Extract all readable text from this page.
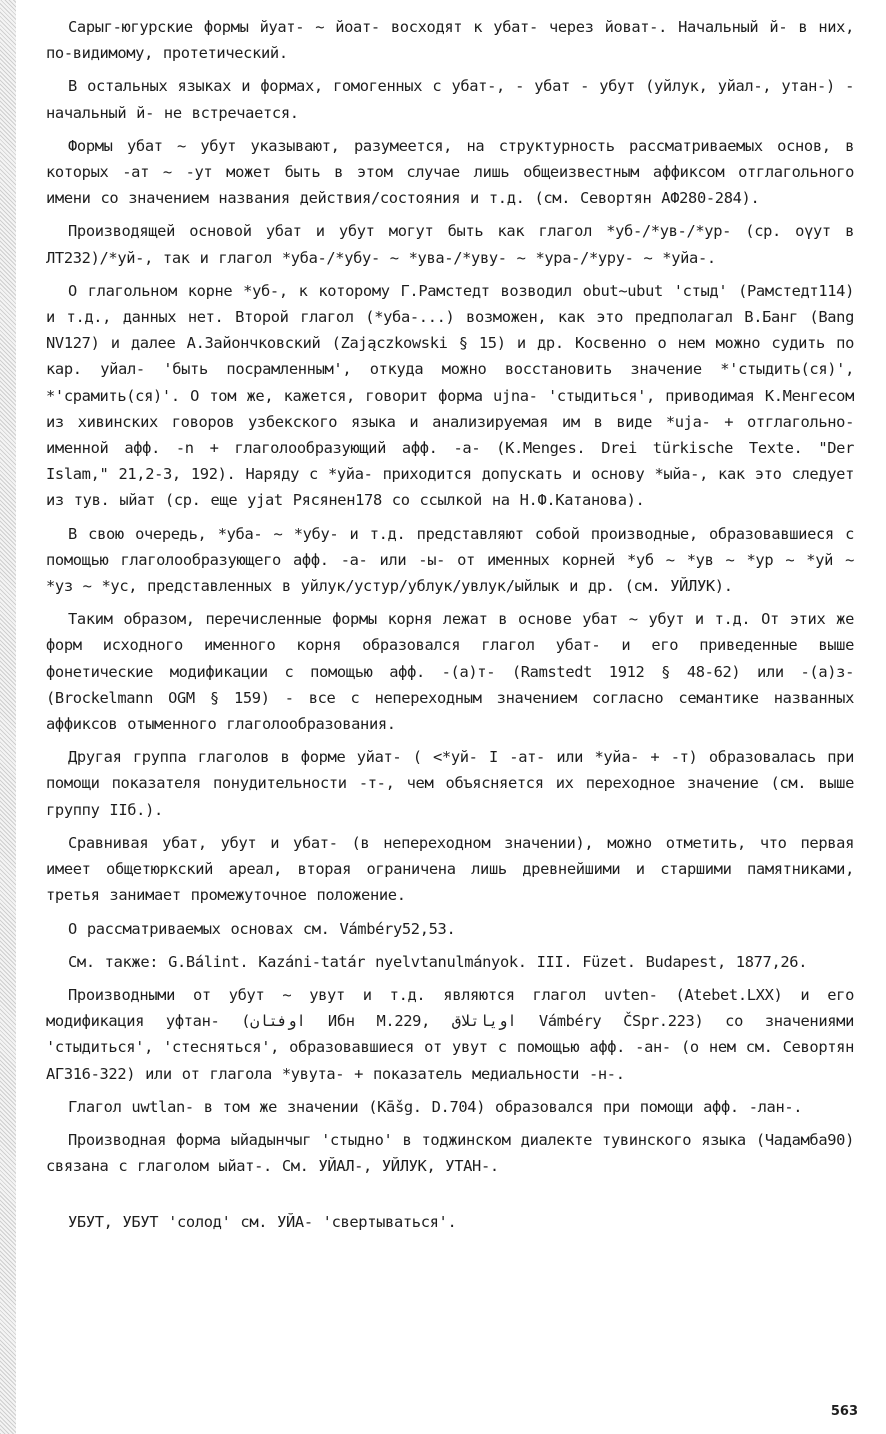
Сарыг-югурские формы йуат- ~ йоат- восходят к убат- через йоват-. Начальный й- в них, по-видимому, протетический.

В остальных языках и формах, гомогенных с убат-, - убат - убут (уйлук, уйал-, утан-) - начальный й- не встречается.

Формы убат ~ убут указывают, разумеется, на структурность рассматриваемых основ, в которых -ат ~ -ут может быть в этом случае лишь общеизвестным аффиксом отглагольного имени со значением названия действия/состояния и т.д. (см. Севортян АФ280-284).

Производящей основой убат и убут могут быть как глагол *уб-/*ув-/*ур- (ср. оүут в ЛТ232)/*уй-, так и глагол *уба-/*убу- ~ *ува-/*уву- ~ *ура-/*уру- ~ *уйа-.

О глагольном корне *уб-, к которому Г.Рамстедт возводил obut~ubut 'стыд' (Рамстедт114) и т.д., данных нет. Второй глагол (*уба-...) возможен, как это предполагал В.Банг (Bang NV127) и далее А.Зайончковский (Zajączkowski § 15) и др. Косвенно о нем можно судить по кар. уйал- 'быть посрамленным', откуда можно восстановить значение *'стыдить(ся)', *'срамить(ся)'. О том же, кажется, говорит форма ujna- 'стыдиться', приводимая К.Менгесом из хивинских говоров узбекского языка и анализируемая им в виде *uja- + отглагольно-именной афф. -n + глаголообразующий афф. -a- (K.Menges. Drei türkische Texte. "Der Islam," 21,2-3, 192). Наряду с *уйа- приходится допускать и основу *ыйа-, как это следует из тув. ыйат (ср. еще уjat Рясянен178 со ссылкой на Н.Ф.Катанова).

В свою очередь, *уба- ~ *убу- и т.д. представляют собой производные, образовавшиеся с помощью глаголообразующего афф. -а- или -ы- от именных корней *уб ~ *ув ~ *ур ~ *уй ~ *уз ~ *ус, представленных в уйлук/устур/ублук/увлук/ыйлык и др. (см. УЙЛУК).

Таким образом, перечисленные формы корня лежат в основе убат ~ убут и т.д. От этих же форм исходного именного корня образовался глагол убат- и его приведенные выше фонетические модификации с помощью афф. -(а)т- (Ramstedt 1912 § 48-62) или -(а)з- (Brockelmann OGM § 159) - все с непереходным значением согласно семантике названных аффиксов отыменного глаголообразования.

Другая группа глаголов в форме уйат- ( <*уй- I -ат- или *уйа- + -т) образовалась при помощи показателя понудительности -т-, чем объясняется их переходное значение (см. выше группу IIб.).

Сравнивая убат, убут и убат- (в непереходном значении), можно отметить, что первая имеет общетюркский ареал, вторая ограничена лишь древнейшими и старшими памятниками, третья занимает промежуточное положение.

О рассматриваемых основах см. Vámbéry52,53.

См. также: G.Bálint. Kazáni-tatár nyelvtanulmányok. III. Füzet. Budapest, 1877,26.

Производными от убут ~ увут и т.д. являются глагол uvten- (Atebet.LXX) и его модификация уфтан- (اوفتان Ибн М.229, اوياتلاق Vámbéry ČSpr.223) со значениями 'стыдиться', 'стесняться', образовавшиеся от увут с помощью афф. -ан- (о нем см. Севортян АГ316-322) или от глагола *увута- + показатель медиальности -н-.

Глагол uwtlan- в том же значении (Kāšg. D.704) образовался при помощи афф. -лан-.

Производная форма ыйадынчыг 'стыдно' в тоджинском диалекте тувинского языка (Чадамба90) связана с глаголом ыйат-. См. УЙАЛ-, УЙЛУК, УТАН-.

УБУТ, УБУТ 'солод' см. УЙА- 'свертываться'.

563
